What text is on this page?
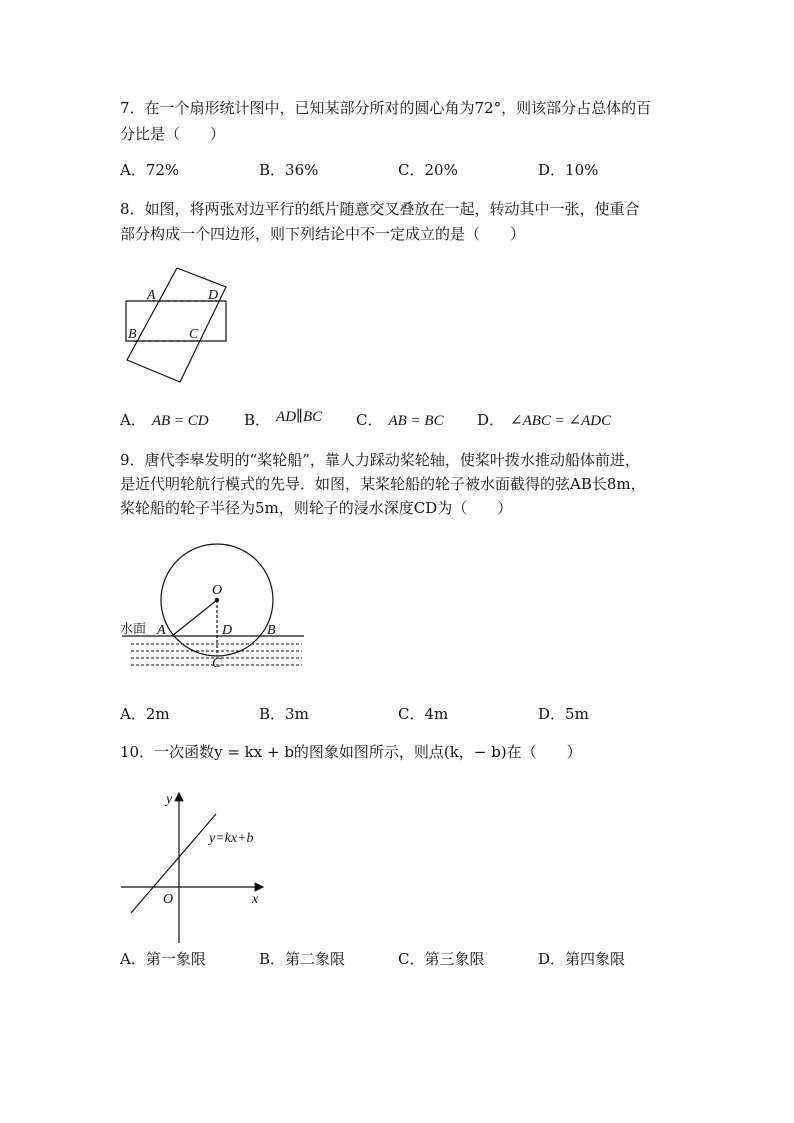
7．在一个扇形统计图中，已知某部分所对的圆心角为72°，则该部分占总体的百
分比是（　　）
A．72%	B．36%	C．20%	D．10%
8．如图，将两张对边平行的纸片随意交叉叠放在一起，转动其中一张，使重合
部分构成一个四边形，则下列结论中不一定成立的是（　　）
A	D
B	C
A． AB = CD B． AD∥BC C． AB = BC D． ∠ABC = ∠ADC
9．唐代李皋发明的“桨轮船”，靠人力踩动桨轮轴，使桨叶拨水推动船体前进，
是近代明轮航行模式的先导．如图，某桨轮船的轮子被水面截得的弦AB长8m，
桨轮船的轮子半径为5m，则轮子的浸水深度CD为（　　）
水面
O
A	D B
C
A．2m	B．3m	C．4m	D．5m
10．一次函数y = kx + b的图象如图所示，则点(k，− b)在（　　）
y
x
O
y=kx+b
A．第一象限	B．第二象限	C．第三象限	D．第四象限
